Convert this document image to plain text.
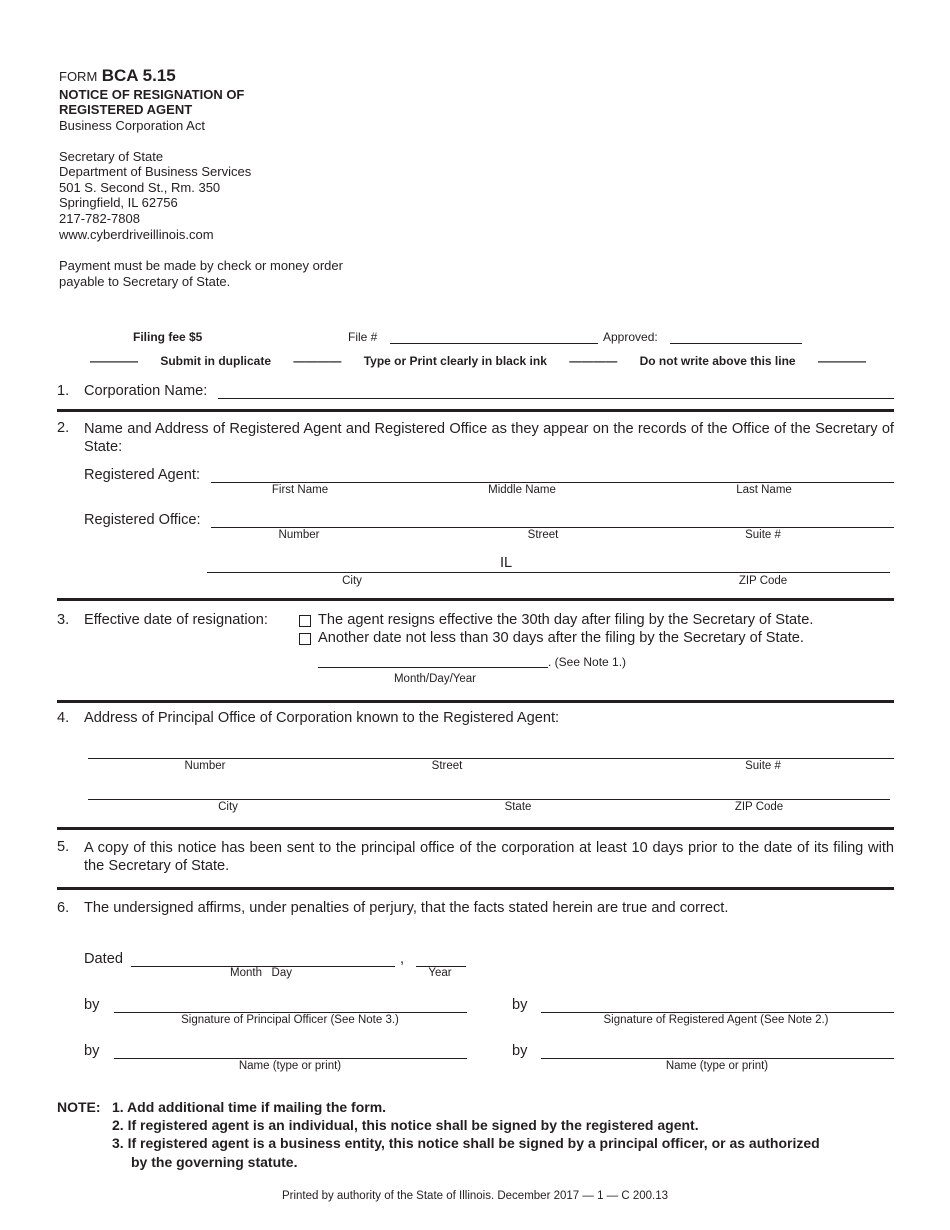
FORM BCA 5.15
NOTICE OF RESIGNATION OF
REGISTERED AGENT
Business Corporation Act
Secretary of State
Department of Business Services
501 S. Second St., Rm. 350
Springfield, IL 62756
217-782-7808
www.cyberdriveillinois.com
Payment must be made by check or money order
payable to Secretary of State.
Filing fee $5	File #	Approved:
———— Submit in duplicate ———— Type or Print clearly in black ink ———— Do not write above this line ————
1. Corporation Name:
2. Name and Address of Registered Agent and Registered Office as they appear on the records of the Office of the Secretary of State:
Registered Agent:
First Name	Middle Name	Last Name
Registered Office:
Number	Street	Suite #
IL
City	ZIP Code
3. Effective date of resignation:	The agent resigns effective the 30th day after filing by the Secretary of State.
Another date not less than 30 days after the filing by the Secretary of State.
. (See Note 1.)
Month/Day/Year
4. Address of Principal Office of Corporation known to the Registered Agent:
Number	Street	Suite #
City	State	ZIP Code
5. A copy of this notice has been sent to the principal office of the corporation at least 10 days prior to the date of its filing with the Secretary of State.
6. The undersigned affirms, under penalties of perjury, that the facts stated herein are true and correct.
Dated	,
Month   Day	Year
by
Signature of Principal Officer (See Note 3.)
by
Signature of Registered Agent (See Note 2.)
by
Name (type or print)
by
Name (type or print)
NOTE: 1. Add additional time if mailing the form.
2. If registered agent is an individual, this notice shall be signed by the registered agent.
3. If registered agent is a business entity, this notice shall be signed by a principal officer, or as authorized
by the governing statute.
Printed by authority of the State of Illinois. December 2017 — 1 — C 200.13
